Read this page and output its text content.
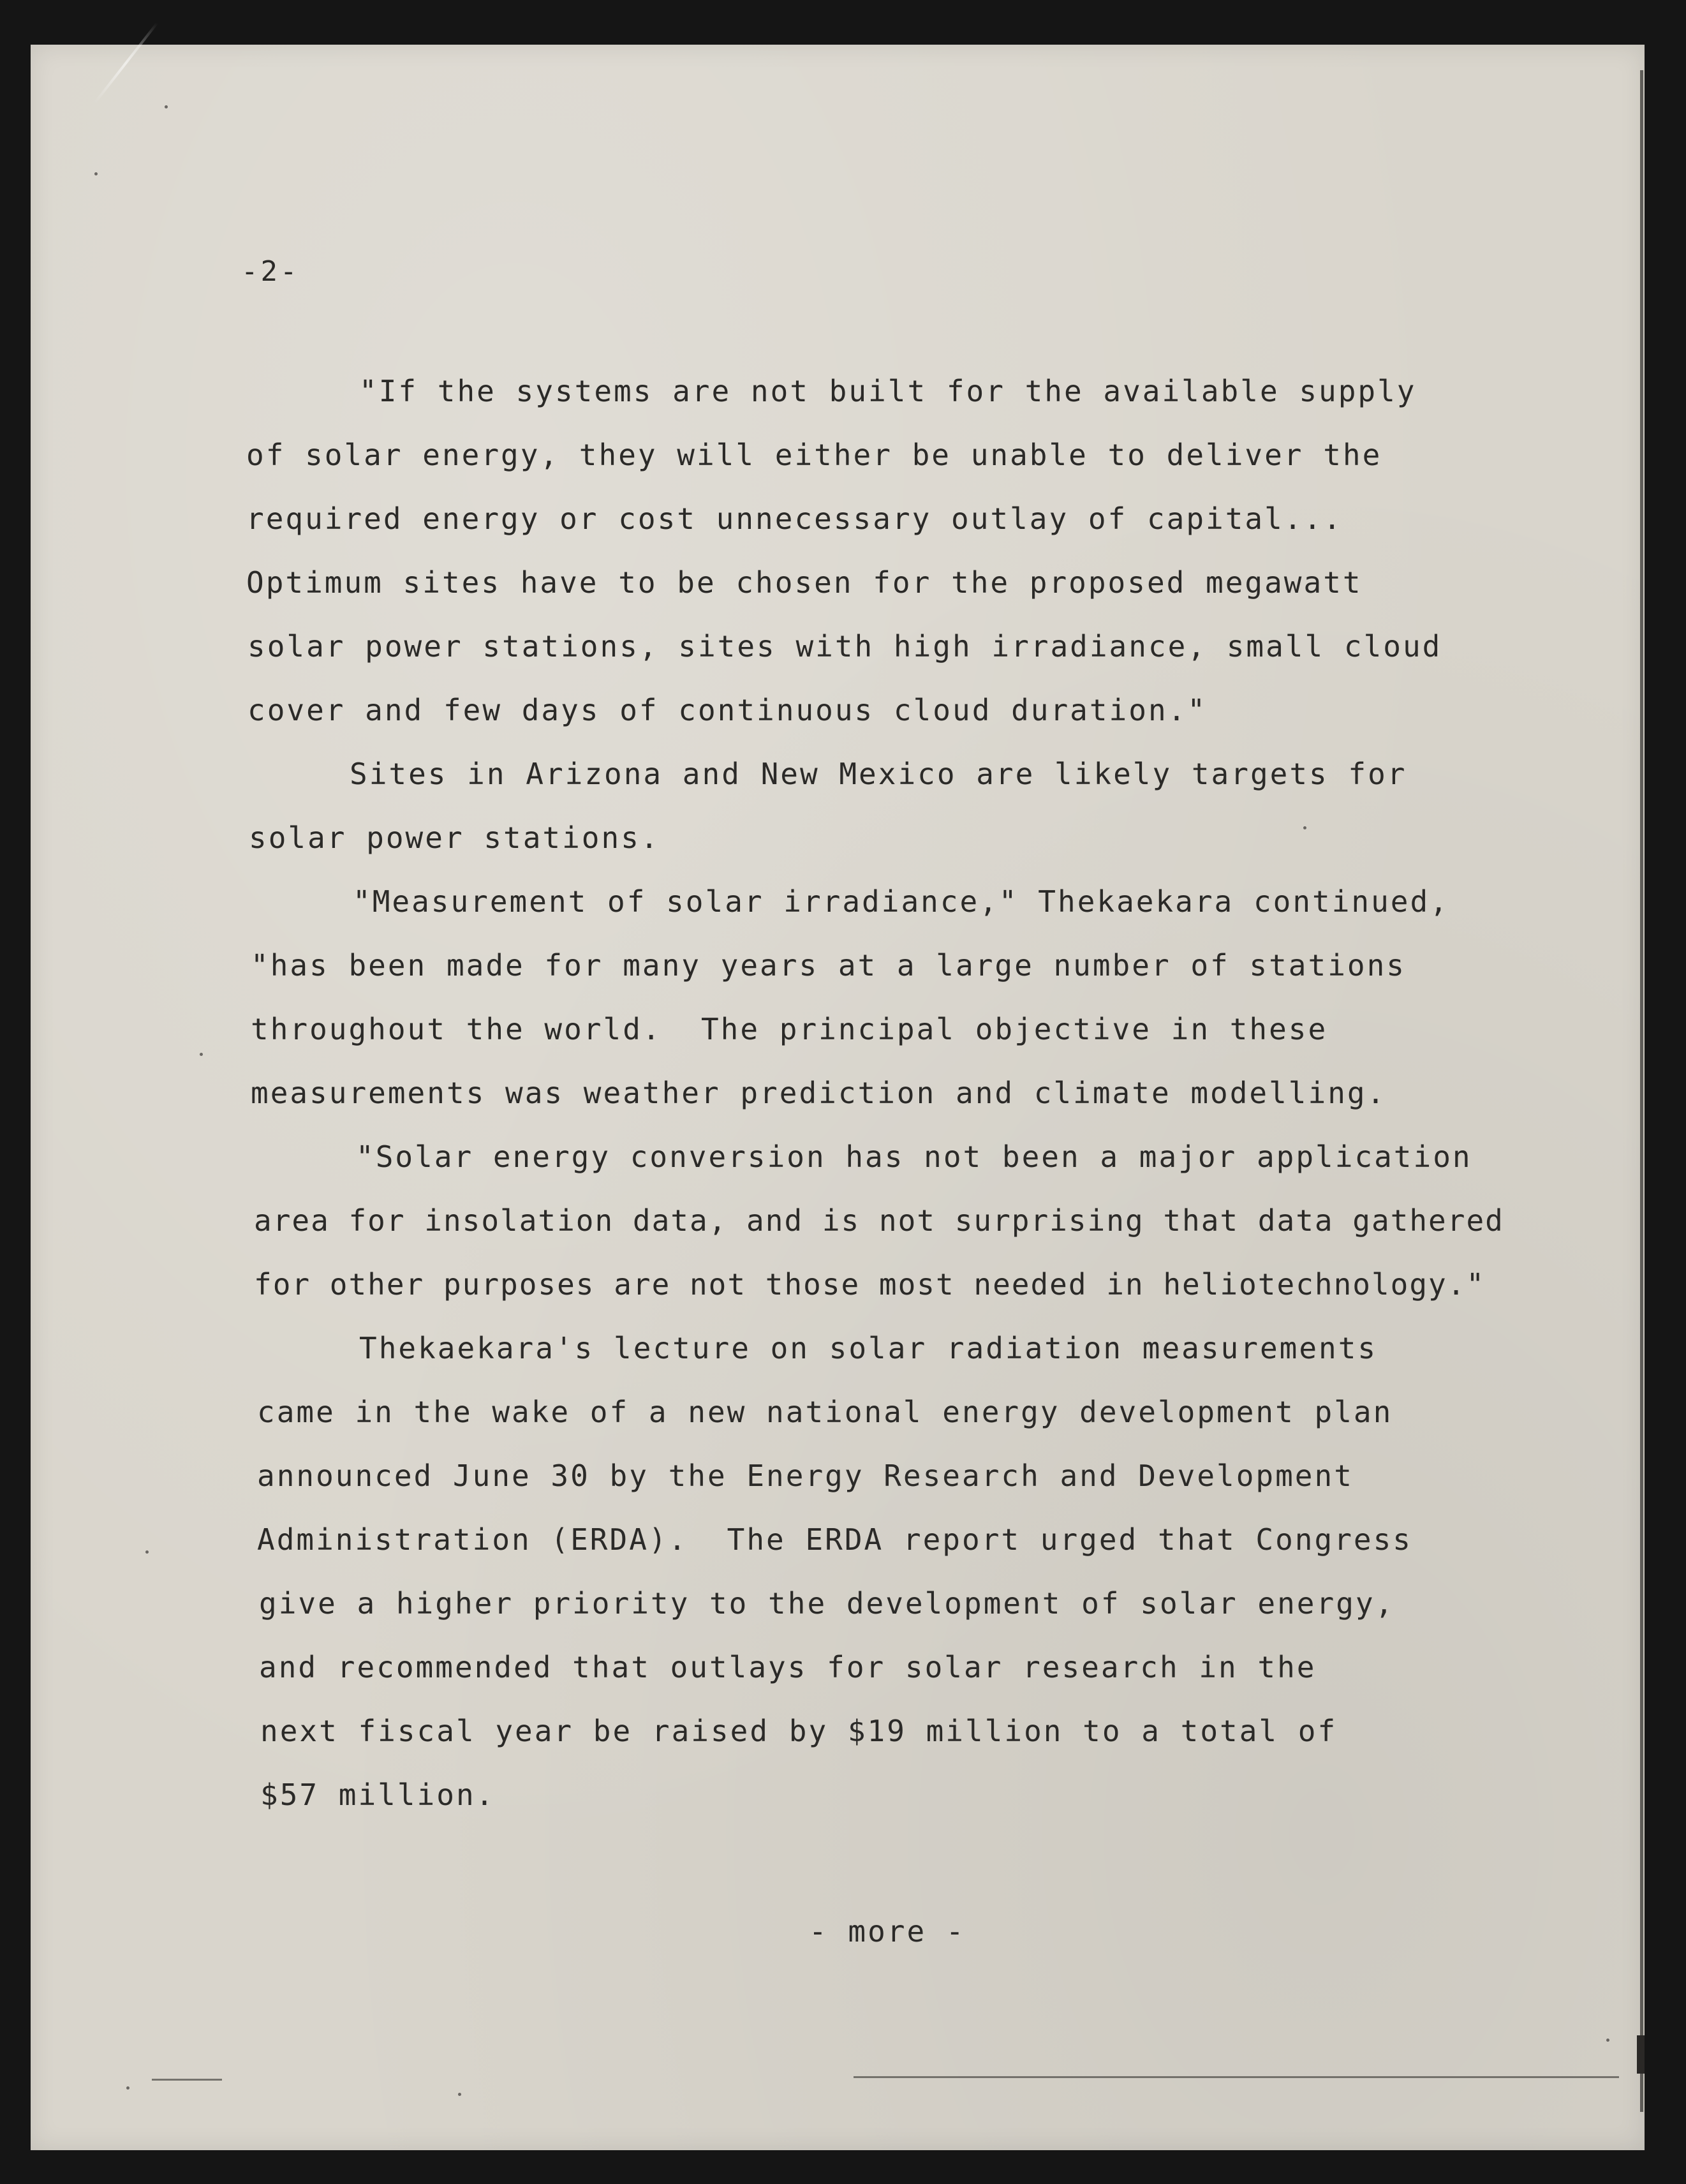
-2-

"If the systems are not built for the available supply

of solar energy, they will either be unable to deliver the

required energy or cost unnecessary outlay of capital...

Optimum sites have to be chosen for the proposed megawatt

solar power stations, sites with high irradiance, small cloud

cover and few days of continuous cloud duration."

Sites in Arizona and New Mexico are likely targets for

solar power stations.

"Measurement of solar irradiance," Thekaekara continued,

"has been made for many years at a large number of stations

throughout the world.  The principal objective in these

measurements was weather prediction and climate modelling.

"Solar energy conversion has not been a major application

area for insolation data, and is not surprising that data gathered

for other purposes are not those most needed in heliotechnology."

Thekaekara's lecture on solar radiation measurements

came in the wake of a new national energy development plan

announced June 30 by the Energy Research and Development

Administration (ERDA).  The ERDA report urged that Congress

give a higher priority to the development of solar energy,

and recommended that outlays for solar research in the

next fiscal year be raised by $19 million to a total of

$57 million.

- more -
